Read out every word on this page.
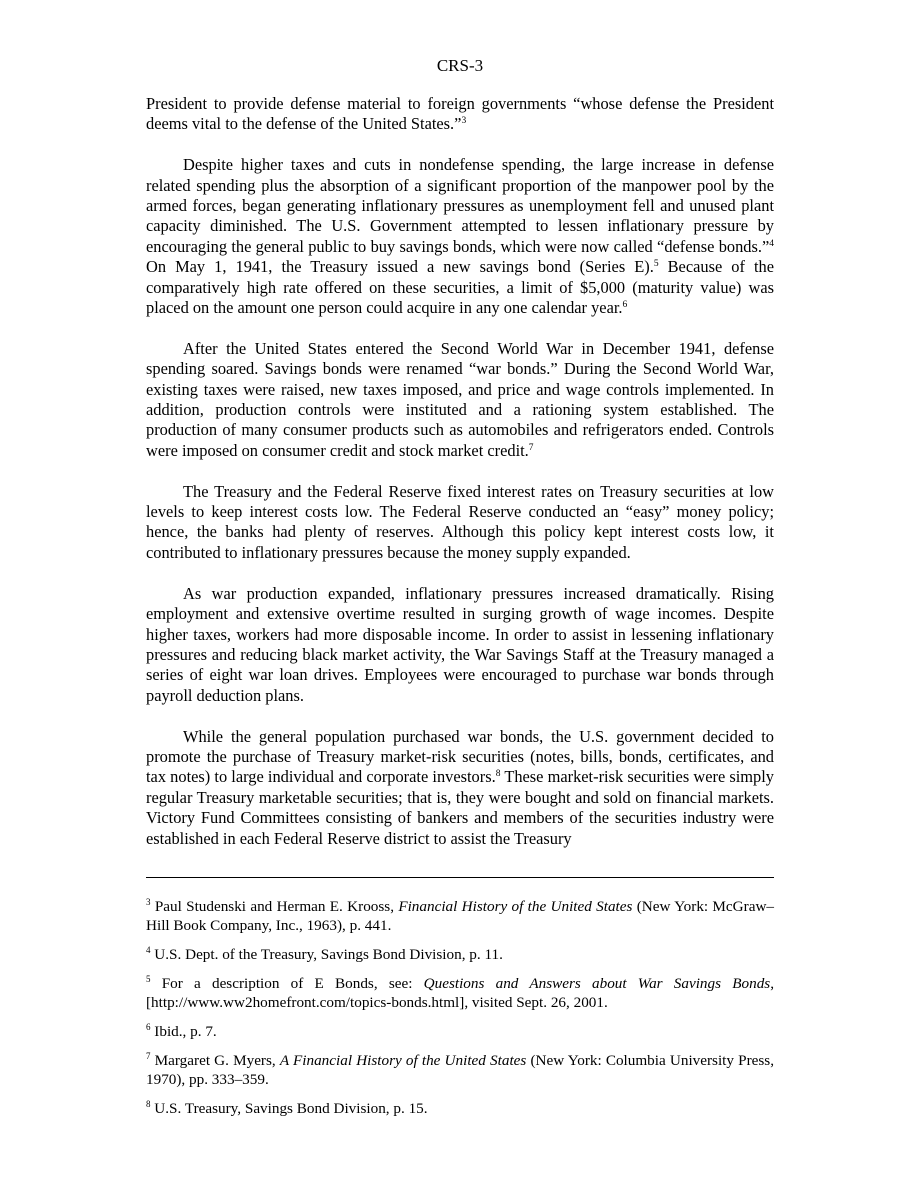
CRS-3

President to provide defense material to foreign governments “whose defense the President deems vital to the defense of the United States.”$^3$

Despite higher taxes and cuts in nondefense spending, the large increase in defense related spending plus the absorption of a significant proportion of the manpower pool by the armed forces, began generating inflationary pressures as unemployment fell and unused plant capacity diminished. The U.S. Government attempted to lessen inflationary pressure by encouraging the general public to buy savings bonds, which were now called “defense bonds.”$^4$ On May 1, 1941, the Treasury issued a new savings bond (Series E).$^5$ Because of the comparatively high rate offered on these securities, a limit of $5,000 (maturity value) was placed on the amount one person could acquire in any one calendar year.$^6$

After the United States entered the Second World War in December 1941, defense spending soared. Savings bonds were renamed “war bonds.” During the Second World War, existing taxes were raised, new taxes imposed, and price and wage controls implemented. In addition, production controls were instituted and a rationing system established. The production of many consumer products such as automobiles and refrigerators ended. Controls were imposed on consumer credit and stock market credit.$^7$

The Treasury and the Federal Reserve fixed interest rates on Treasury securities at low levels to keep interest costs low. The Federal Reserve conducted an “easy” money policy; hence, the banks had plenty of reserves. Although this policy kept interest costs low, it contributed to inflationary pressures because the money supply expanded.

As war production expanded, inflationary pressures increased dramatically. Rising employment and extensive overtime resulted in surging growth of wage incomes. Despite higher taxes, workers had more disposable income. In order to assist in lessening inflationary pressures and reducing black market activity, the War Savings Staff at the Treasury managed a series of eight war loan drives. Employees were encouraged to purchase war bonds through payroll deduction plans.

While the general population purchased war bonds, the U.S. government decided to promote the purchase of Treasury market-risk securities (notes, bills, bonds, certificates, and tax notes) to large individual and corporate investors.$^8$ These market-risk securities were simply regular Treasury marketable securities; that is, they were bought and sold on financial markets. Victory Fund Committees consisting of bankers and members of the securities industry were established in each Federal Reserve district to assist the Treasury

$^3$ Paul Studenski and Herman E. Krooss, Financial History of the United States (New York: McGraw–Hill Book Company, Inc., 1963), p. 441.

$^4$ U.S. Dept. of the Treasury, Savings Bond Division, p. 11.

$^5$ For a description of E Bonds, see: Questions and Answers about War Savings Bonds, [http://www.ww2homefront.com/topics-bonds.html], visited Sept. 26, 2001.

$^6$ Ibid., p. 7.

$^7$ Margaret G. Myers, A Financial History of the United States (New York: Columbia University Press, 1970), pp. 333–359.

$^8$ U.S. Treasury, Savings Bond Division, p. 15.
